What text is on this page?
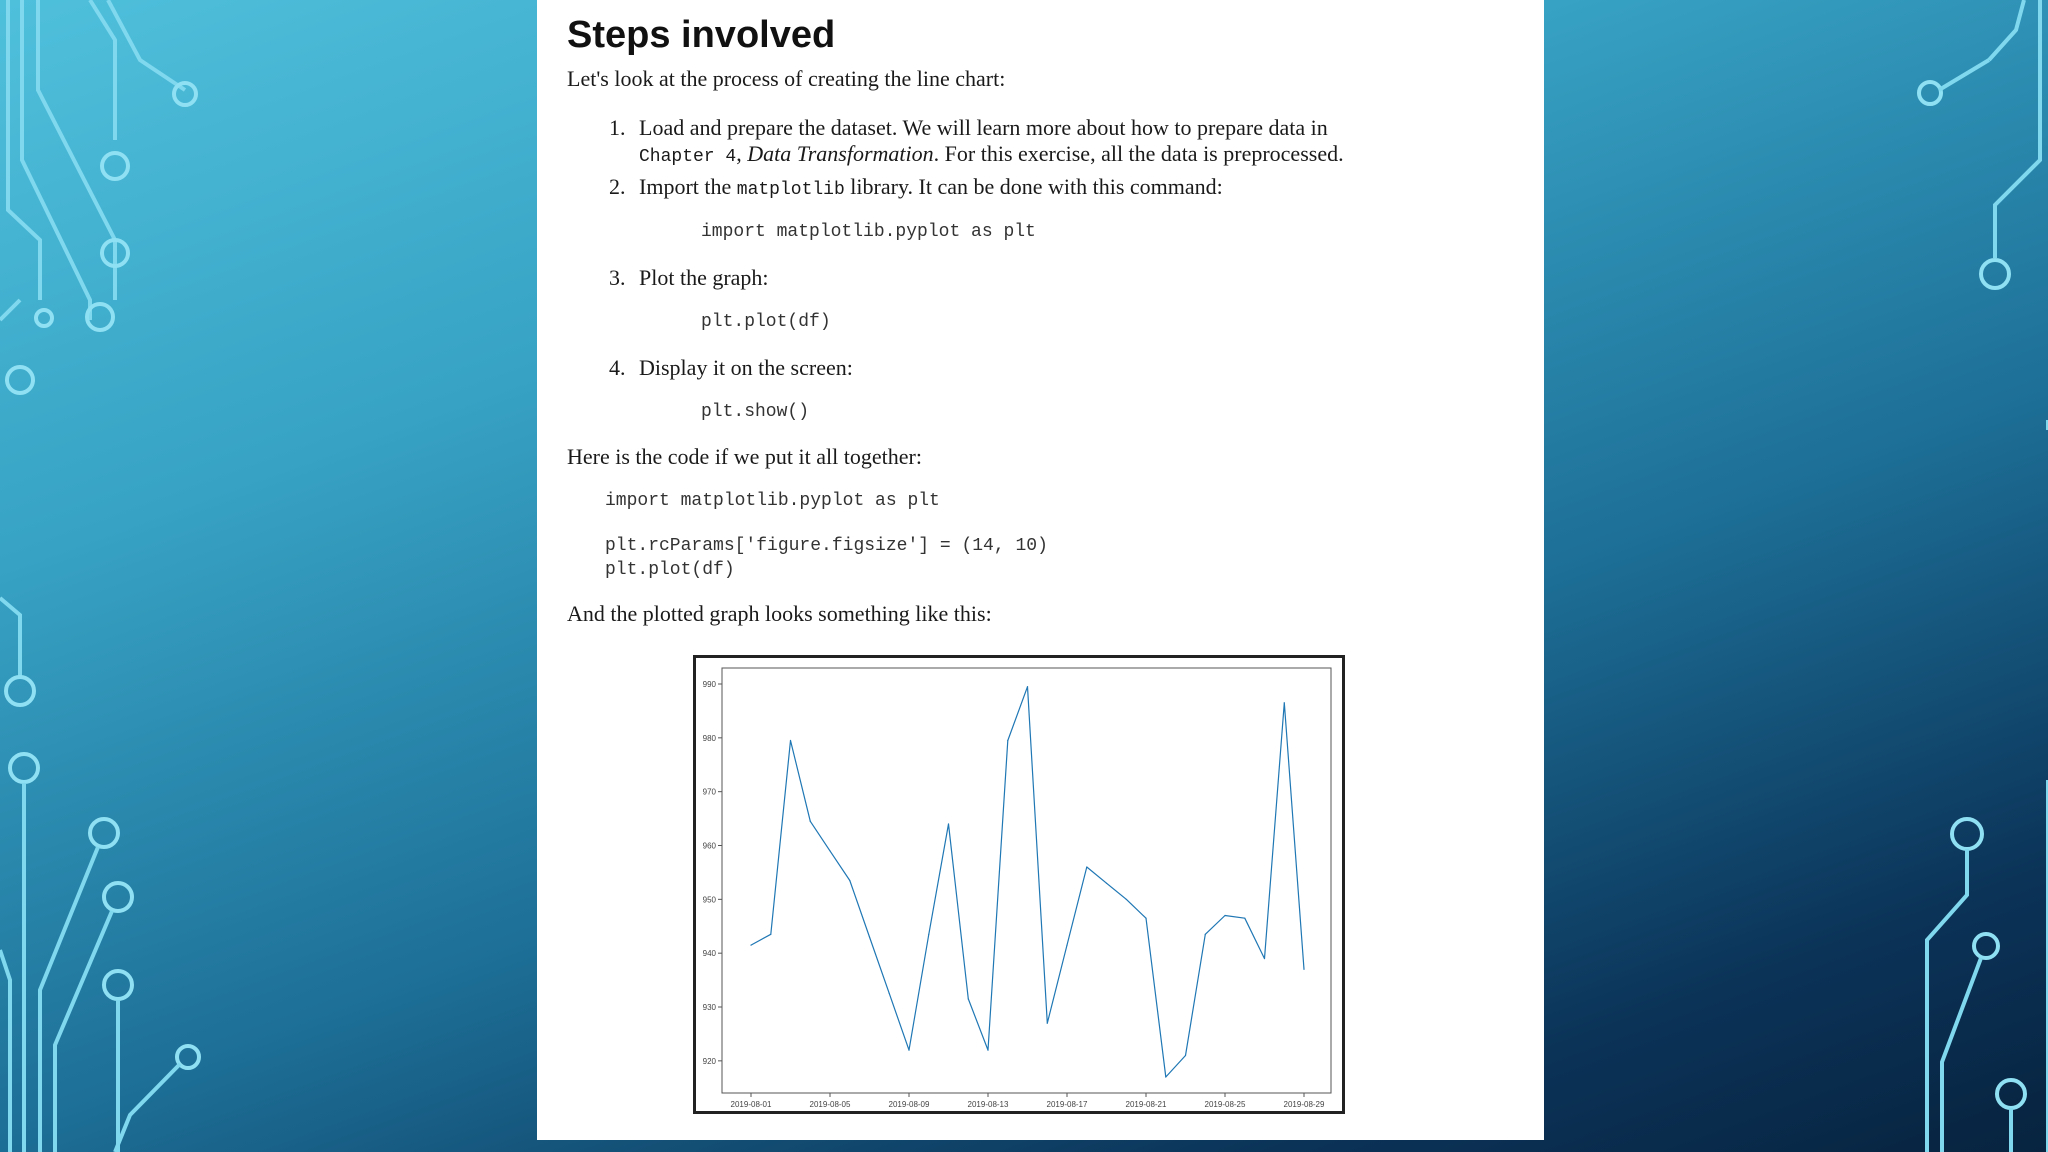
Steps involved
Let's look at the process of creating the line chart:
1. Load and prepare the dataset. We will learn more about how to prepare data in
Chapter 4, Data Transformation. For this exercise, all the data is preprocessed.
2. Import the matplotlib library. It can be done with this command:
import matplotlib.pyplot as plt
3. Plot the graph:
plt.plot(df)
4. Display it on the screen:
plt.show()
Here is the code if we put it all together:
import matplotlib.pyplot as plt
plt.rcParams['figure.figsize'] = (14, 10)
plt.plot(df)
And the plotted graph looks something like this:
920
930
940
950
960
970
980
990
2019-08-01	2019-08-05	2019-08-09	2019-08-13	2019-08-17	2019-08-21	2019-08-25	2019-08-29
